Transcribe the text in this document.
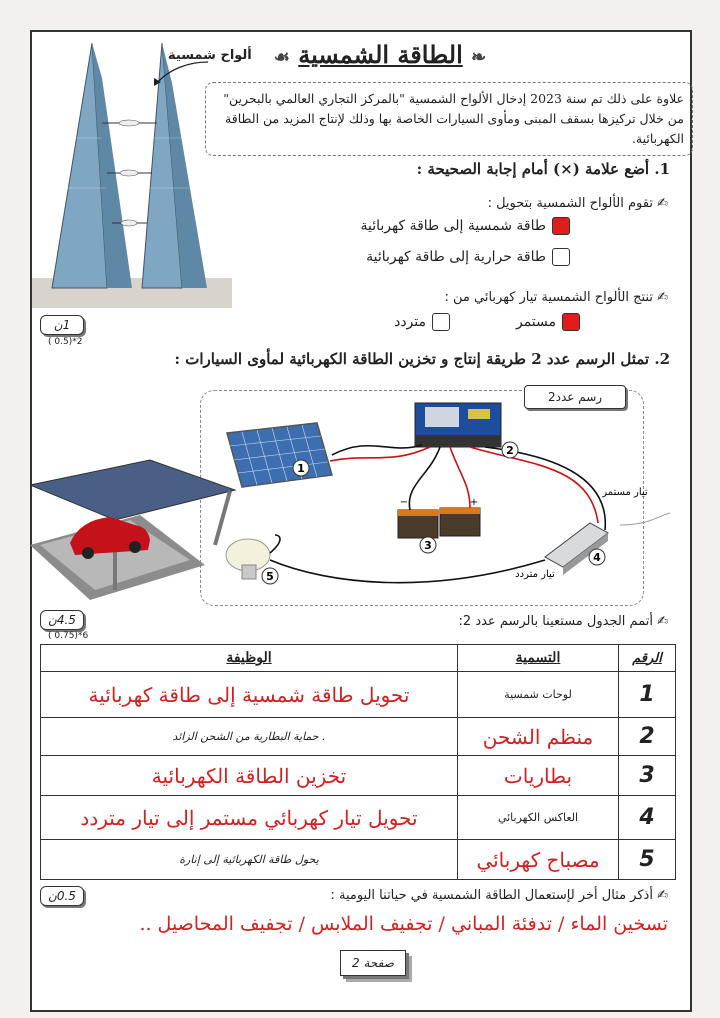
ألواح شمسية	❧ الطاقة الشمسية ☙
علاوة على ذلك تم سنة 2023 إدخال الألواح الشمسية "بالمركز التجاري العالمي بالبحرين" من خلال تركيزها بسقف المبنى ومأوى السيارات الخاصة بها وذلك لإنتاج المزيد من الطاقة الكهربائية.
1. أضع علامة (×) أمام إجابة الصحيحة :
✍ تقوم الألواح الشمسية بتحويل :
طاقة شمسية إلى طاقة كهربائية
طاقة حرارية إلى طاقة كهربائية
✍ تنتج الألواح الشمسية تيار كهربائي من :
مستمر
متردد
1ن
2*(0.5 )
2. تمثل الرسم عدد 2 طريقة إنتاج و تخزين الطاقة الكهربائية لمأوى السيارات :
رسم عدد2
1
2
3
4
5
−	+
تيار مستمر
تيار متردد
4.5ن
6*(0.75 )
✍ أتمم الجدول مستعينا بالرسم عدد 2:
الرقم	التسمية	الوظيفة
1	لوحات شمسية	تحويل طاقة شمسية إلى طاقة كهربائية
2	منظم الشحن	. حماية البطارية من الشحن الزائد
3	بطاريات	تخزين الطاقة الكهربائية
4	العاكس الكهربائي	تحويل تيار كهربائي مستمر إلى تيار متردد
5	مصباح كهربائي	يحول طاقة الكهربائية إلى إنارة
0.5ن	✍ أذكر مثال أخر لإستعمال الطاقة الشمسية في حياتنا اليومية :
تسخين الماء / تدفئة المباني / تجفيف الملابس / تجفيف المحاصيل ..
صفحة 2
